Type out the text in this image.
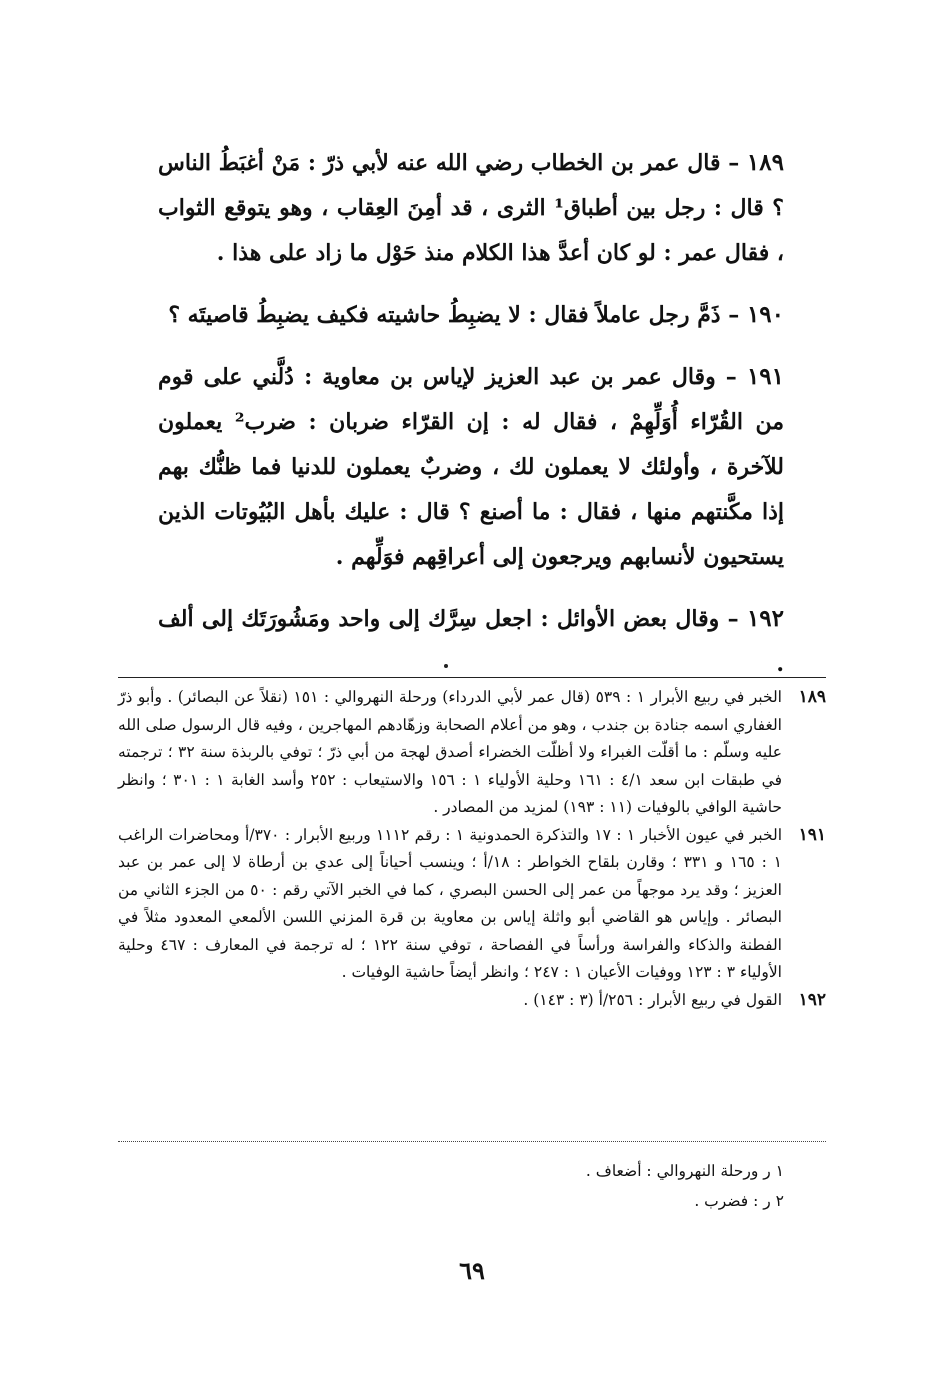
١٨٩ – قال عمر بن الخطاب رضي الله عنه لأبي ذرّ : مَنْ أغبَطُ الناس ؟ قال : رجل بين أطباق¹ الثرى ، قد أمِنَ العِقاب ، وهو يتوقع الثواب ، فقال عمر : لو كان أعدَّ هذا الكلام منذ حَوْل ما زاد على هذا .

١٩٠ – ذَمَّ رجل عاملاً فقال : لا يضبِطُ حاشيته فكيف يضبِطُ قاصيتَه ؟

١٩١ – وقال عمر بن عبد العزيز لإياس بن معاوية : دُلَّني على قوم من القُرّاء أُوَلِّهِمْ ، فقال له : إن القرّاء ضربان : ضرب² يعملون للآخرة ، وأولئك لا يعملون لك ، وضربٌ يعملون للدنيا فما ظنُّك بهم إذا مكَّنتهم منها ، فقال : ما أصنع ؟ قال : عليك بأهل البُيُوتات الذين يستحيون لأنسابهم ويرجعون إلى أعراقِهم فوَلِّهم .

١٩٢ – وقال بعض الأوائل : اجعل سِرَّك إلى واحد ومَشُورَتَك إلى ألف .

١٨٩
الخبر في ربيع الأبرار ١ : ٥٣٩ (قال عمر لأبي الدرداء) ورحلة النهروالي : ١٥١ (نقلاً عن البصائر) . وأبو ذرّ الغفاري اسمه جنادة بن جندب ، وهو من أعلام الصحابة وزهّادهم المهاجرين ، وفيه قال الرسول صلى الله عليه وسلّم : ما أقلّت الغبراء ولا أظلّت الخضراء أصدق لهجة من أبي ذرّ ؛ توفي بالربذة سنة ٣٢ ؛ ترجمته في طبقات ابن سعد ٤/١ : ١٦١ وحلية الأولياء ١ : ١٥٦ والاستيعاب : ٢٥٢ وأسد الغابة ١ : ٣٠١ ؛ وانظر حاشية الوافي بالوفيات (١١ : ١٩٣) لمزيد من المصادر .
١٩١
الخبر في عيون الأخبار ١ : ١٧ والتذكرة الحمدونية ١ : رقم ١١١٢ وربيع الأبرار : ٣٧٠/أ ومحاضرات الراغب ١ : ١٦٥ و ٣٣١ ؛ وقارن بلقاح الخواطر : ١٨/أ ؛ وينسب أحياناً إلى عدي بن أرطاة لا إلى عمر بن عبد العزيز ؛ وقد يرد موجهاً من عمر إلى الحسن البصري ، كما في الخبر الآتي رقم : ٥٠ من الجزء الثاني من البصائر . وإياس هو القاضي أبو واثلة إياس بن معاوية بن قرة المزني اللسن الألمعي المعدود مثلاً في الفطنة والذكاء والفراسة ورأساً في الفصاحة ، توفي سنة ١٢٢ ؛ له ترجمة في المعارف : ٤٦٧ وحلية الأولياء ٣ : ١٢٣ ووفيات الأعيان ١ : ٢٤٧ ؛ وانظر أيضاً حاشية الوفيات .
١٩٢
القول في ربيع الأبرار : ٢٥٦/أ (٣ : ١٤٣) .

١ ر ورحلة النهروالي : أضعاف .

٢ ر : فضرب .

٦٩
